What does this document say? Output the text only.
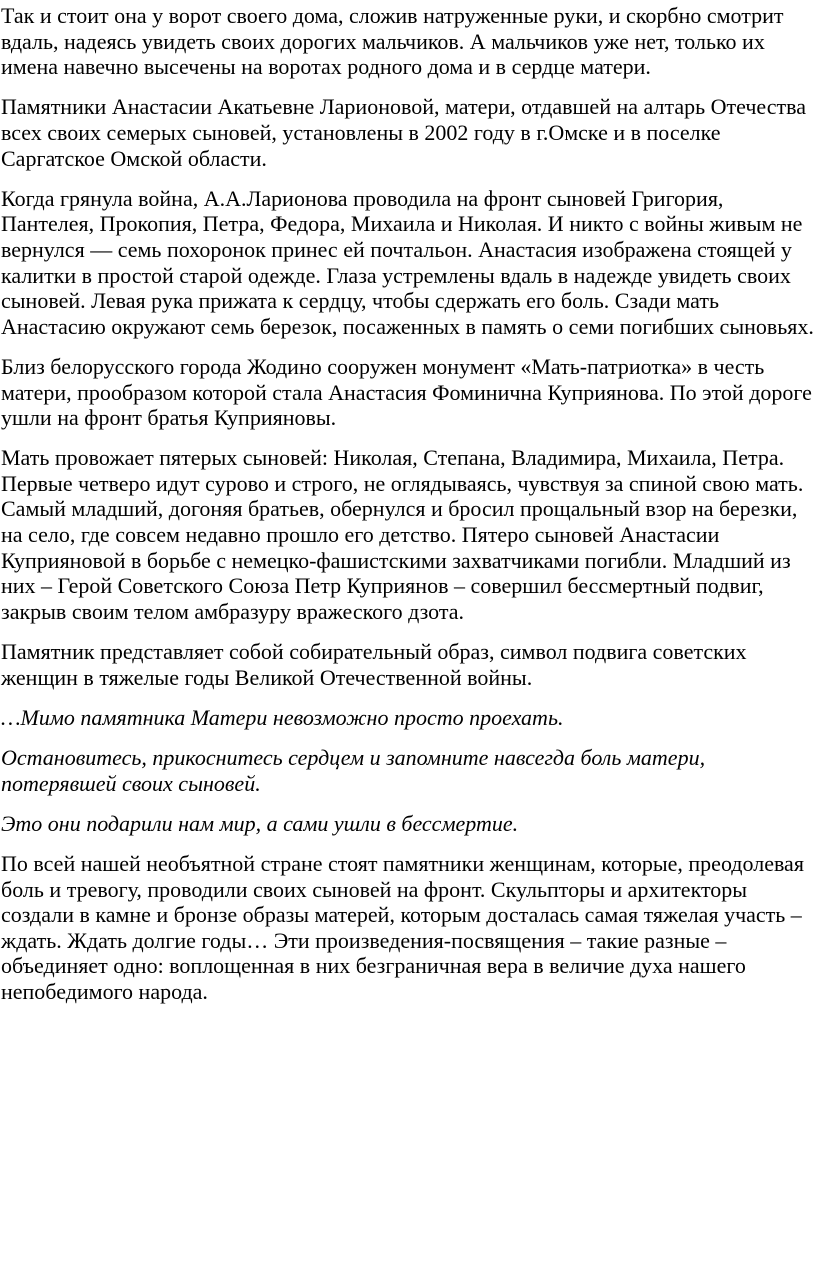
Так и стоит она у ворот своего дома, сложив натруженные руки, и скорбно смотрит вдаль, надеясь увидеть своих дорогих мальчиков. А мальчиков уже нет, только их имена навечно высечены на воротах родного дома и в сердце матери.

Памятники Анастасии Акатьевне Ларионовой, матери, отдавшей на алтарь Отечества всех своих семерых сыновей, установлены в 2002 году в г.Омске и в поселке Саргатское Омской области.

Когда грянула война, А.А.Ларионова проводила на фронт сыновей Григория, Пантелея, Прокопия, Петра, Федора, Михаила и Николая. И никто с войны живым не вернулся — семь похоронок принес ей почтальон. Анастасия изображена стоящей у калитки в простой старой одежде. Глаза устремлены вдаль в надежде увидеть своих сыновей. Левая рука прижата к сердцу, чтобы сдержать его боль. Сзади мать Анастасию окружают семь березок, посаженных в память о семи погибших сыновьях.

Близ белорусского города Жодино сооружен монумент «Мать-патриотка» в честь матери, прообразом которой стала Анастасия Фоминична Куприянова. По этой дороге ушли на фронт братья Куприяновы.

Мать провожает пятерых сыновей: Николая, Степана, Владимира, Михаила, Петра. Первые четверо идут сурово и строго, не оглядываясь, чувствуя за спиной свою мать. Самый младший, догоняя братьев, обернулся и бросил прощальный взор на березки, на село, где совсем недавно прошло его детство. Пятеро сыновей Анастасии Куприяновой в борьбе с немецко-фашистскими захватчиками погибли. Младший из них – Герой Советского Союза Петр Куприянов – совершил бессмертный подвиг, закрыв своим телом амбразуру вражеского дзота.

Памятник представляет собой собирательный образ, символ подвига советских женщин в тяжелые годы Великой Отечественной войны.

…Мимо памятника Матери невозможно просто проехать.

Остановитесь, прикоснитесь сердцем и запомните навсегда боль матери, потерявшей своих сыновей.

Это они подарили нам мир, а сами ушли в бессмертие.

По всей нашей необъятной стране стоят памятники женщинам, которые, преодолевая боль и тревогу, проводили своих сыновей на фронт. Скульпторы и архитекторы создали в камне и бронзе образы матерей, которым досталась самая тяжелая участь – ждать. Ждать долгие годы… Эти произведения-посвящения – такие разные – объединяет одно: воплощенная в них безграничная вера в величие духа нашего непобедимого народа.
